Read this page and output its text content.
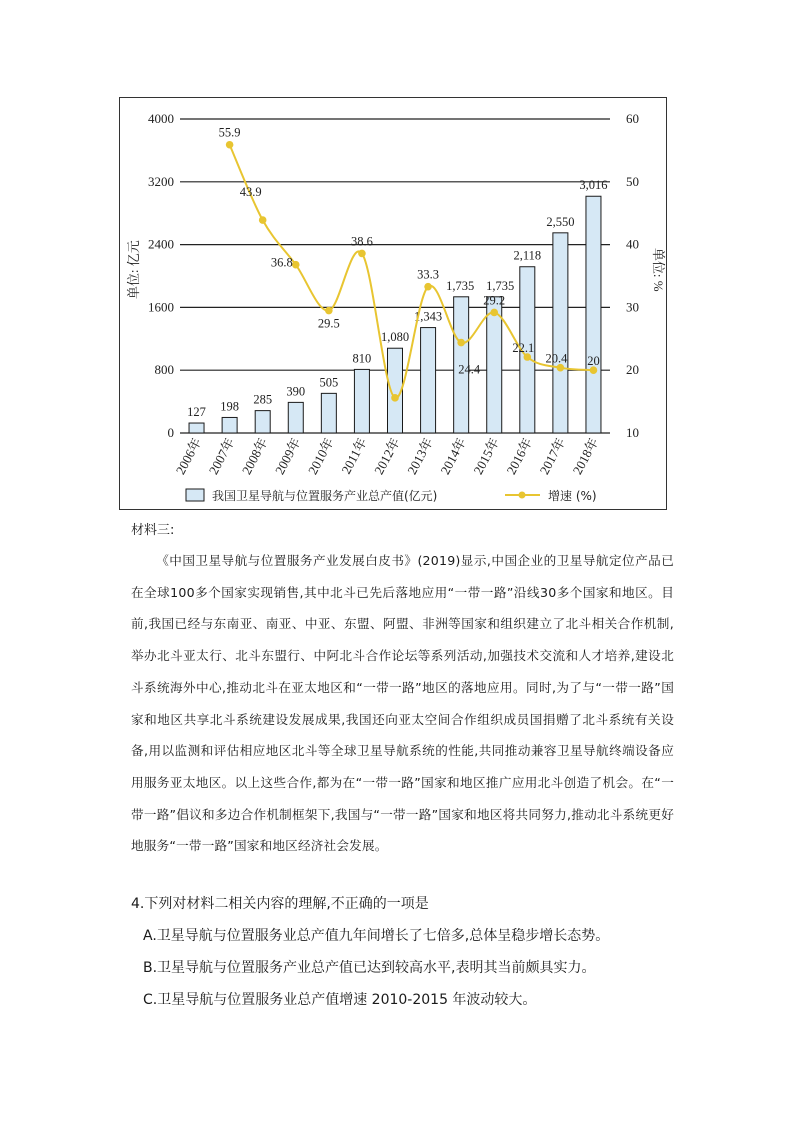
0
800
1600
2400
3200
4000
10
20
30
40
50
60
单位: 亿元	单位: %
127 198 285
390
505
810
1,080
1,343
1,735 1,735
2,118
2,550
3,016
2006年 2007年 2008年 2009年 2010年 2011年 2012年 2013年 2014年 2015年 2016年 2017年 2018年
55.9
43.9
36.8
29.5
38.6
33.3
24.4
29.2
22.1
20.4 20
我国卫星导航与位置服务产业总产值(亿元)	增速 (%)
材料三:
《中国卫星导航与位置服务产业发展白皮书》(2019)显示,中国企业的卫星导航定位产品已在全球100多个国家实现销售,其中北斗已先后落地应用“一带一路”沿线30多个国家和地区。目前,我国已经与东南亚、南亚、中亚、东盟、阿盟、非洲等国家和组织建立了北斗相关合作机制,举办北斗亚太行、北斗东盟行、中阿北斗合作论坛等系列活动,加强技术交流和人才培养,建设北斗系统海外中心,推动北斗在亚太地区和“一带一路”地区的落地应用。同时,为了与“一带一路”国家和地区共享北斗系统建设发展成果,我国还向亚太空间合作组织成员国捐赠了北斗系统有关设备,用以监测和评估相应地区北斗等全球卫星导航系统的性能,共同推动兼容卫星导航终端设备应用服务亚太地区。以上这些合作,都为在“一带一路”国家和地区推广应用北斗创造了机会。在“一带一路”倡议和多边合作机制框架下,我国与“一带一路”国家和地区将共同努力,推动北斗系统更好地服务“一带一路”国家和地区经济社会发展。
4.下列对材料二相关内容的理解,不正确的一项是
A.卫星导航与位置服务业总产值九年间增长了七倍多,总体呈稳步增长态势。
B.卫星导航与位置服务产业总产值已达到较高水平,表明其当前颇具实力。
C.卫星导航与位置服务业总产值增速 2010-2015 年波动较大。
